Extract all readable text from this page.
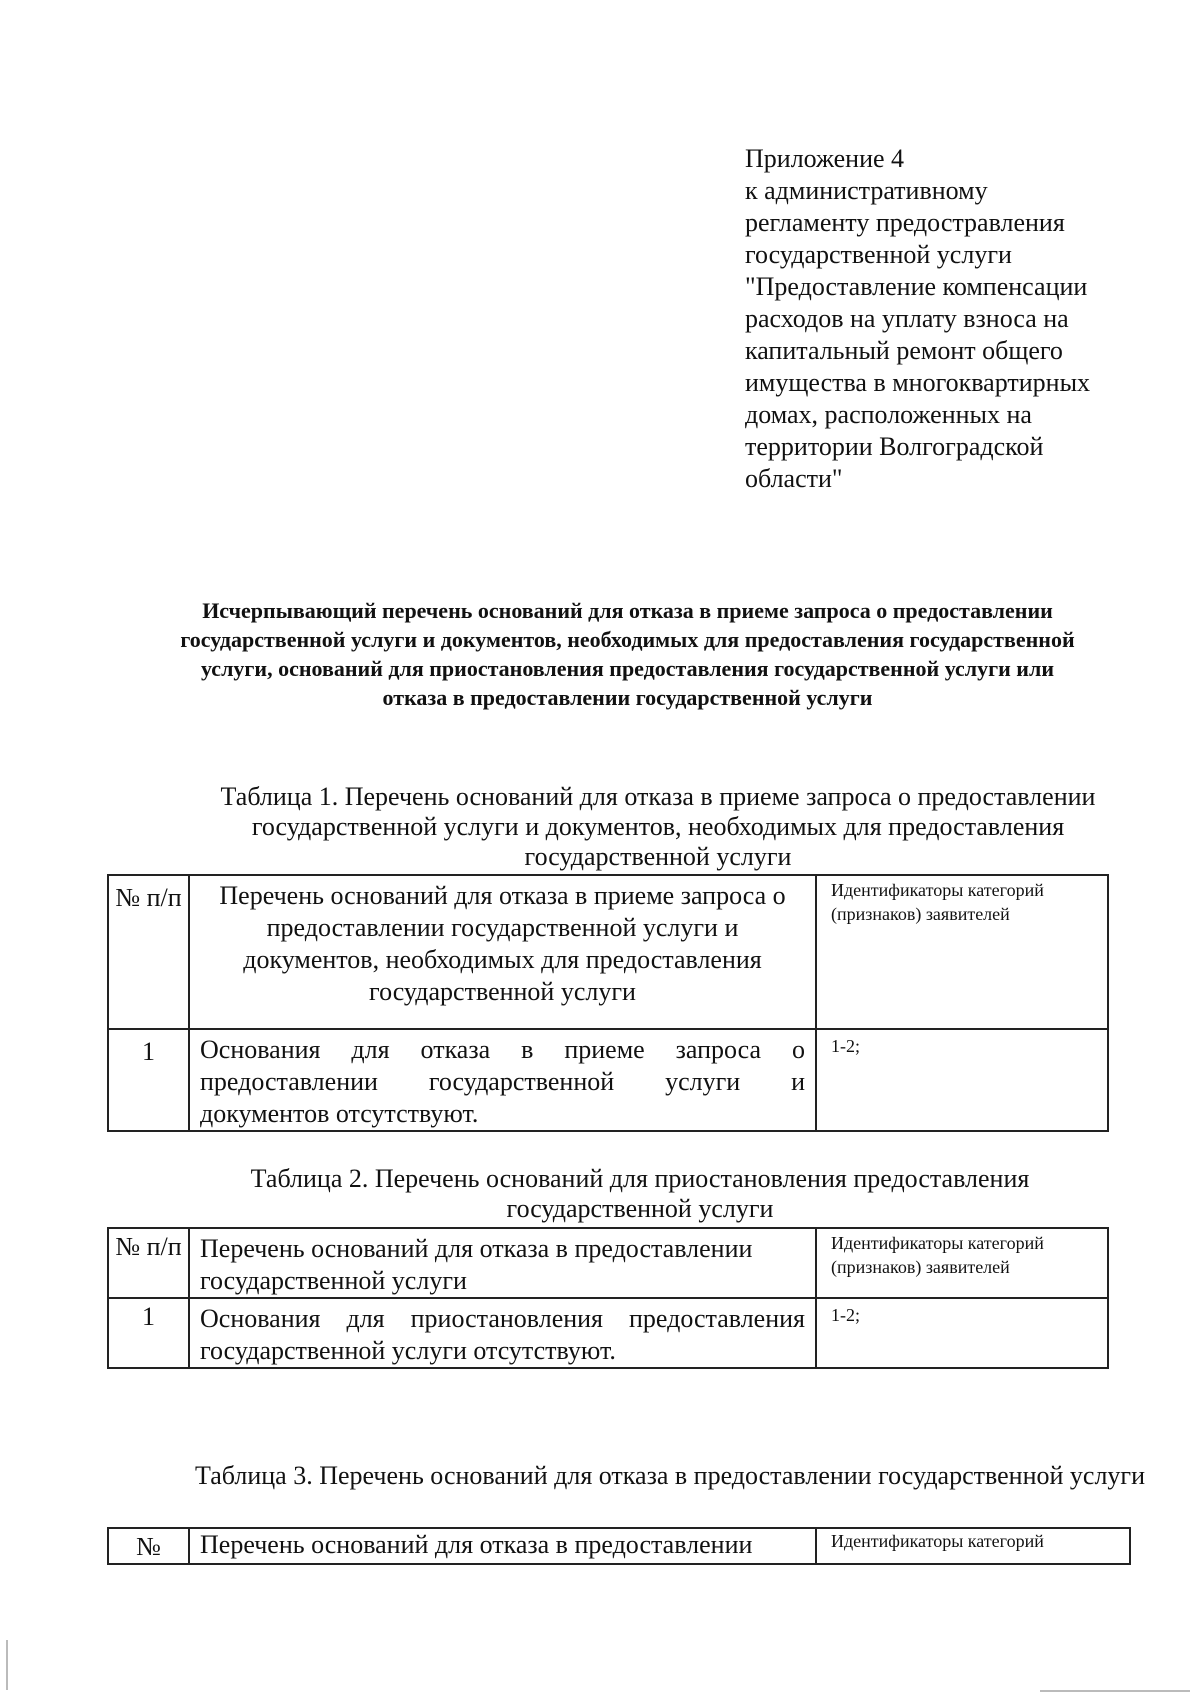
Приложение 4
к административному
регламенту предостравления
государственной услуги
"Предоставление компенсации
расходов на уплату взноса на
капитальный ремонт общего
имущества в многоквартирных
домах, расположенных на
территории Волгоградской
области"
Исчерпывающий перечень оснований для отказа в приеме запроса о предоставлении государственной услуги и документов, необходимых для предоставления государственной услуги, оснований для приостановления предоставления государственной услуги или отказа в предоставлении государственной услуги
Таблица 1. Перечень оснований для отказа в приеме запроса о предоставлении государственной услуги и документов, необходимых для предоставления государственной услуги
№ п/п	Перечень оснований для отказа в приеме запроса о предоставлении государственной услуги и документов, необходимых для предоставления государственной услуги	Идентификаторы категорий (признаков) заявителей
1	Основания для отказа в приеме запроса о предоставлении государственной услуги и документов отсутствуют.	1-2;
Таблица 2. Перечень оснований для приостановления предоставления государственной услуги
№ п/п	Перечень оснований для отказа в предоставлении государственной услуги	Идентификаторы категорий (признаков) заявителей
1	Основания для приостановления предоставления государственной услуги отсутствуют.	1-2;
Таблица 3. Перечень оснований для отказа в предоставлении государственной услуги
№	Перечень оснований для отказа в предоставлении	Идентификаторы категорий
